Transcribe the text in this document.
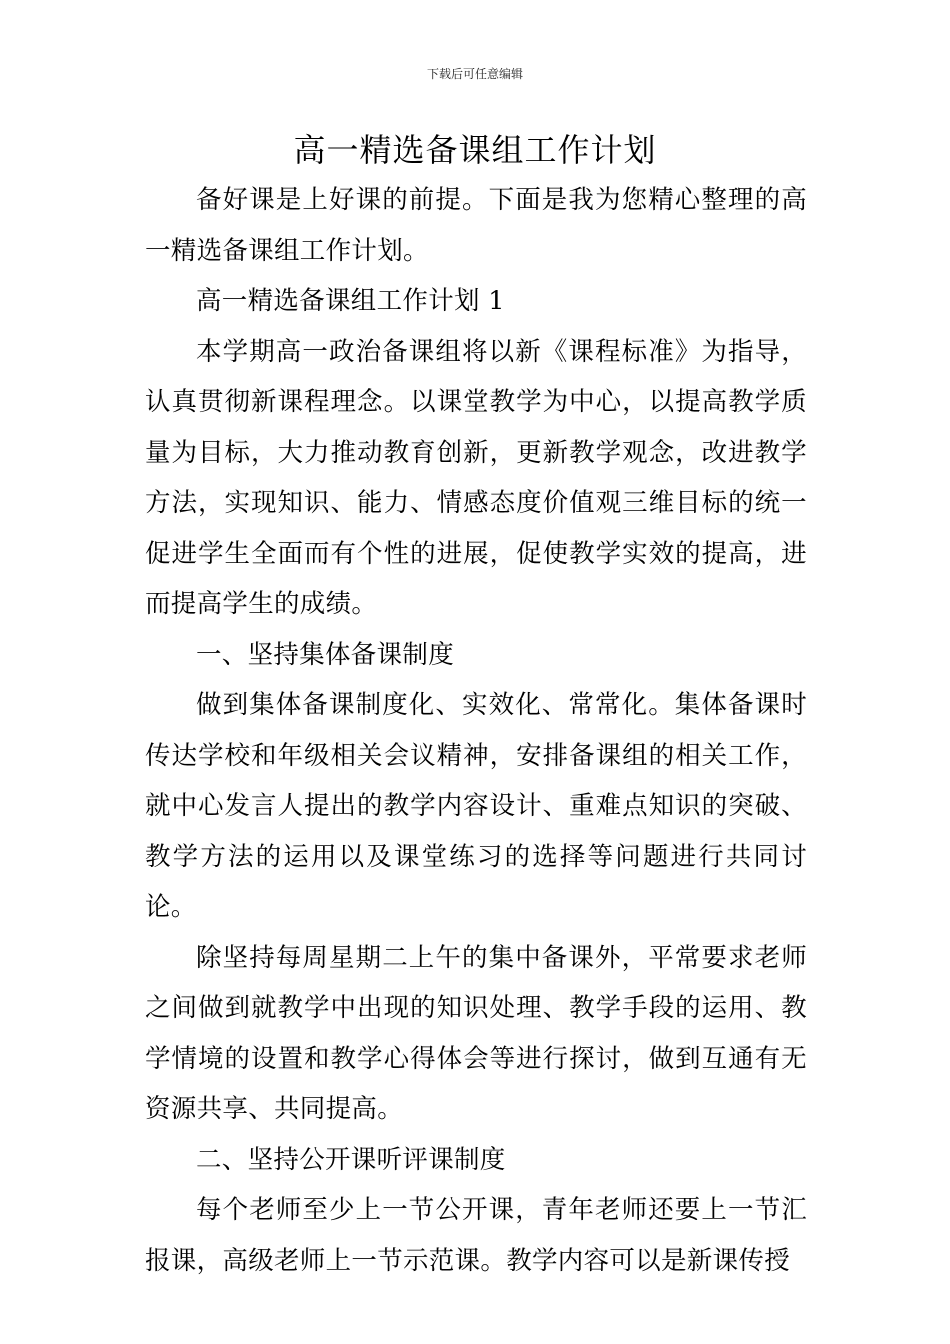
下载后可任意编辑
高一精选备课组工作计划

备好课是上好课的前提。下面是我为您精心整理的高一精选备课组工作计划。

高一精选备课组工作计划 1

本学期高一政治备课组将以新《课程标准》为指导，认真贯彻新课程理念。以课堂教学为中心，以提高教学质量为目标，大力推动教育创新，更新教学观念，改进教学方法，实现知识、能力、情感态度价值观三维目标的统一促进学生全面而有个性的进展，促使教学实效的提高，进而提高学生的成绩。

一、坚持集体备课制度

做到集体备课制度化、实效化、常常化。集体备课时传达学校和年级相关会议精神，安排备课组的相关工作，就中心发言人提出的教学内容设计、重难点知识的突破、教学方法的运用以及课堂练习的选择等问题进行共同讨论。

除坚持每周星期二上午的集中备课外，平常要求老师之间做到就教学中出现的知识处理、教学手段的运用、教学情境的设置和教学心得体会等进行探讨，做到互通有无资源共享、共同提高。

二、坚持公开课听评课制度

每个老师至少上一节公开课，青年老师还要上一节汇报课，高级老师上一节示范课。教学内容可以是新课传授
